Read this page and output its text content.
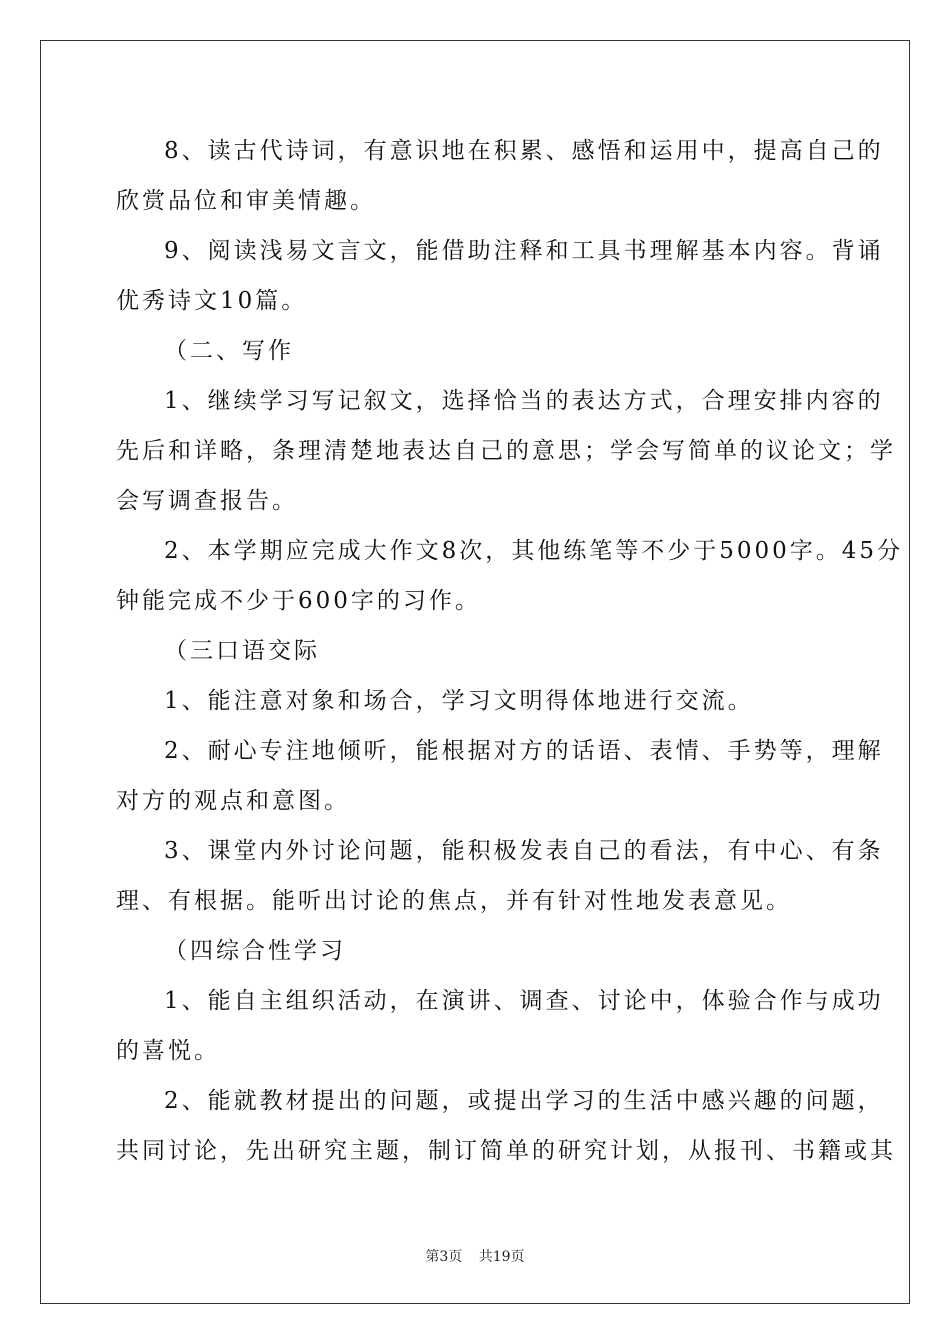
8、读古代诗词，有意识地在积累、感悟和运用中，提高自己的
欣赏品位和审美情趣。
9、阅读浅易文言文，能借助注释和工具书理解基本内容。背诵
优秀诗文10篇。
（二、写作
1、继续学习写记叙文，选择恰当的表达方式，合理安排内容的
先后和详略，条理清楚地表达自己的意思；学会写简单的议论文；学
会写调查报告。
2、本学期应完成大作文8次，其他练笔等不少于5000字。45分
钟能完成不少于600字的习作。
（三口语交际
1、能注意对象和场合，学习文明得体地进行交流。
2、耐心专注地倾听，能根据对方的话语、表情、手势等，理解
对方的观点和意图。
3、课堂内外讨论问题，能积极发表自己的看法，有中心、有条
理、有根据。能听出讨论的焦点，并有针对性地发表意见。
（四综合性学习
1、能自主组织活动，在演讲、调查、讨论中，体验合作与成功
的喜悦。
2、能就教材提出的问题，或提出学习的生活中感兴趣的问题，
共同讨论，先出研究主题，制订简单的研究计划，从报刊、书籍或其
第3页 共19页
